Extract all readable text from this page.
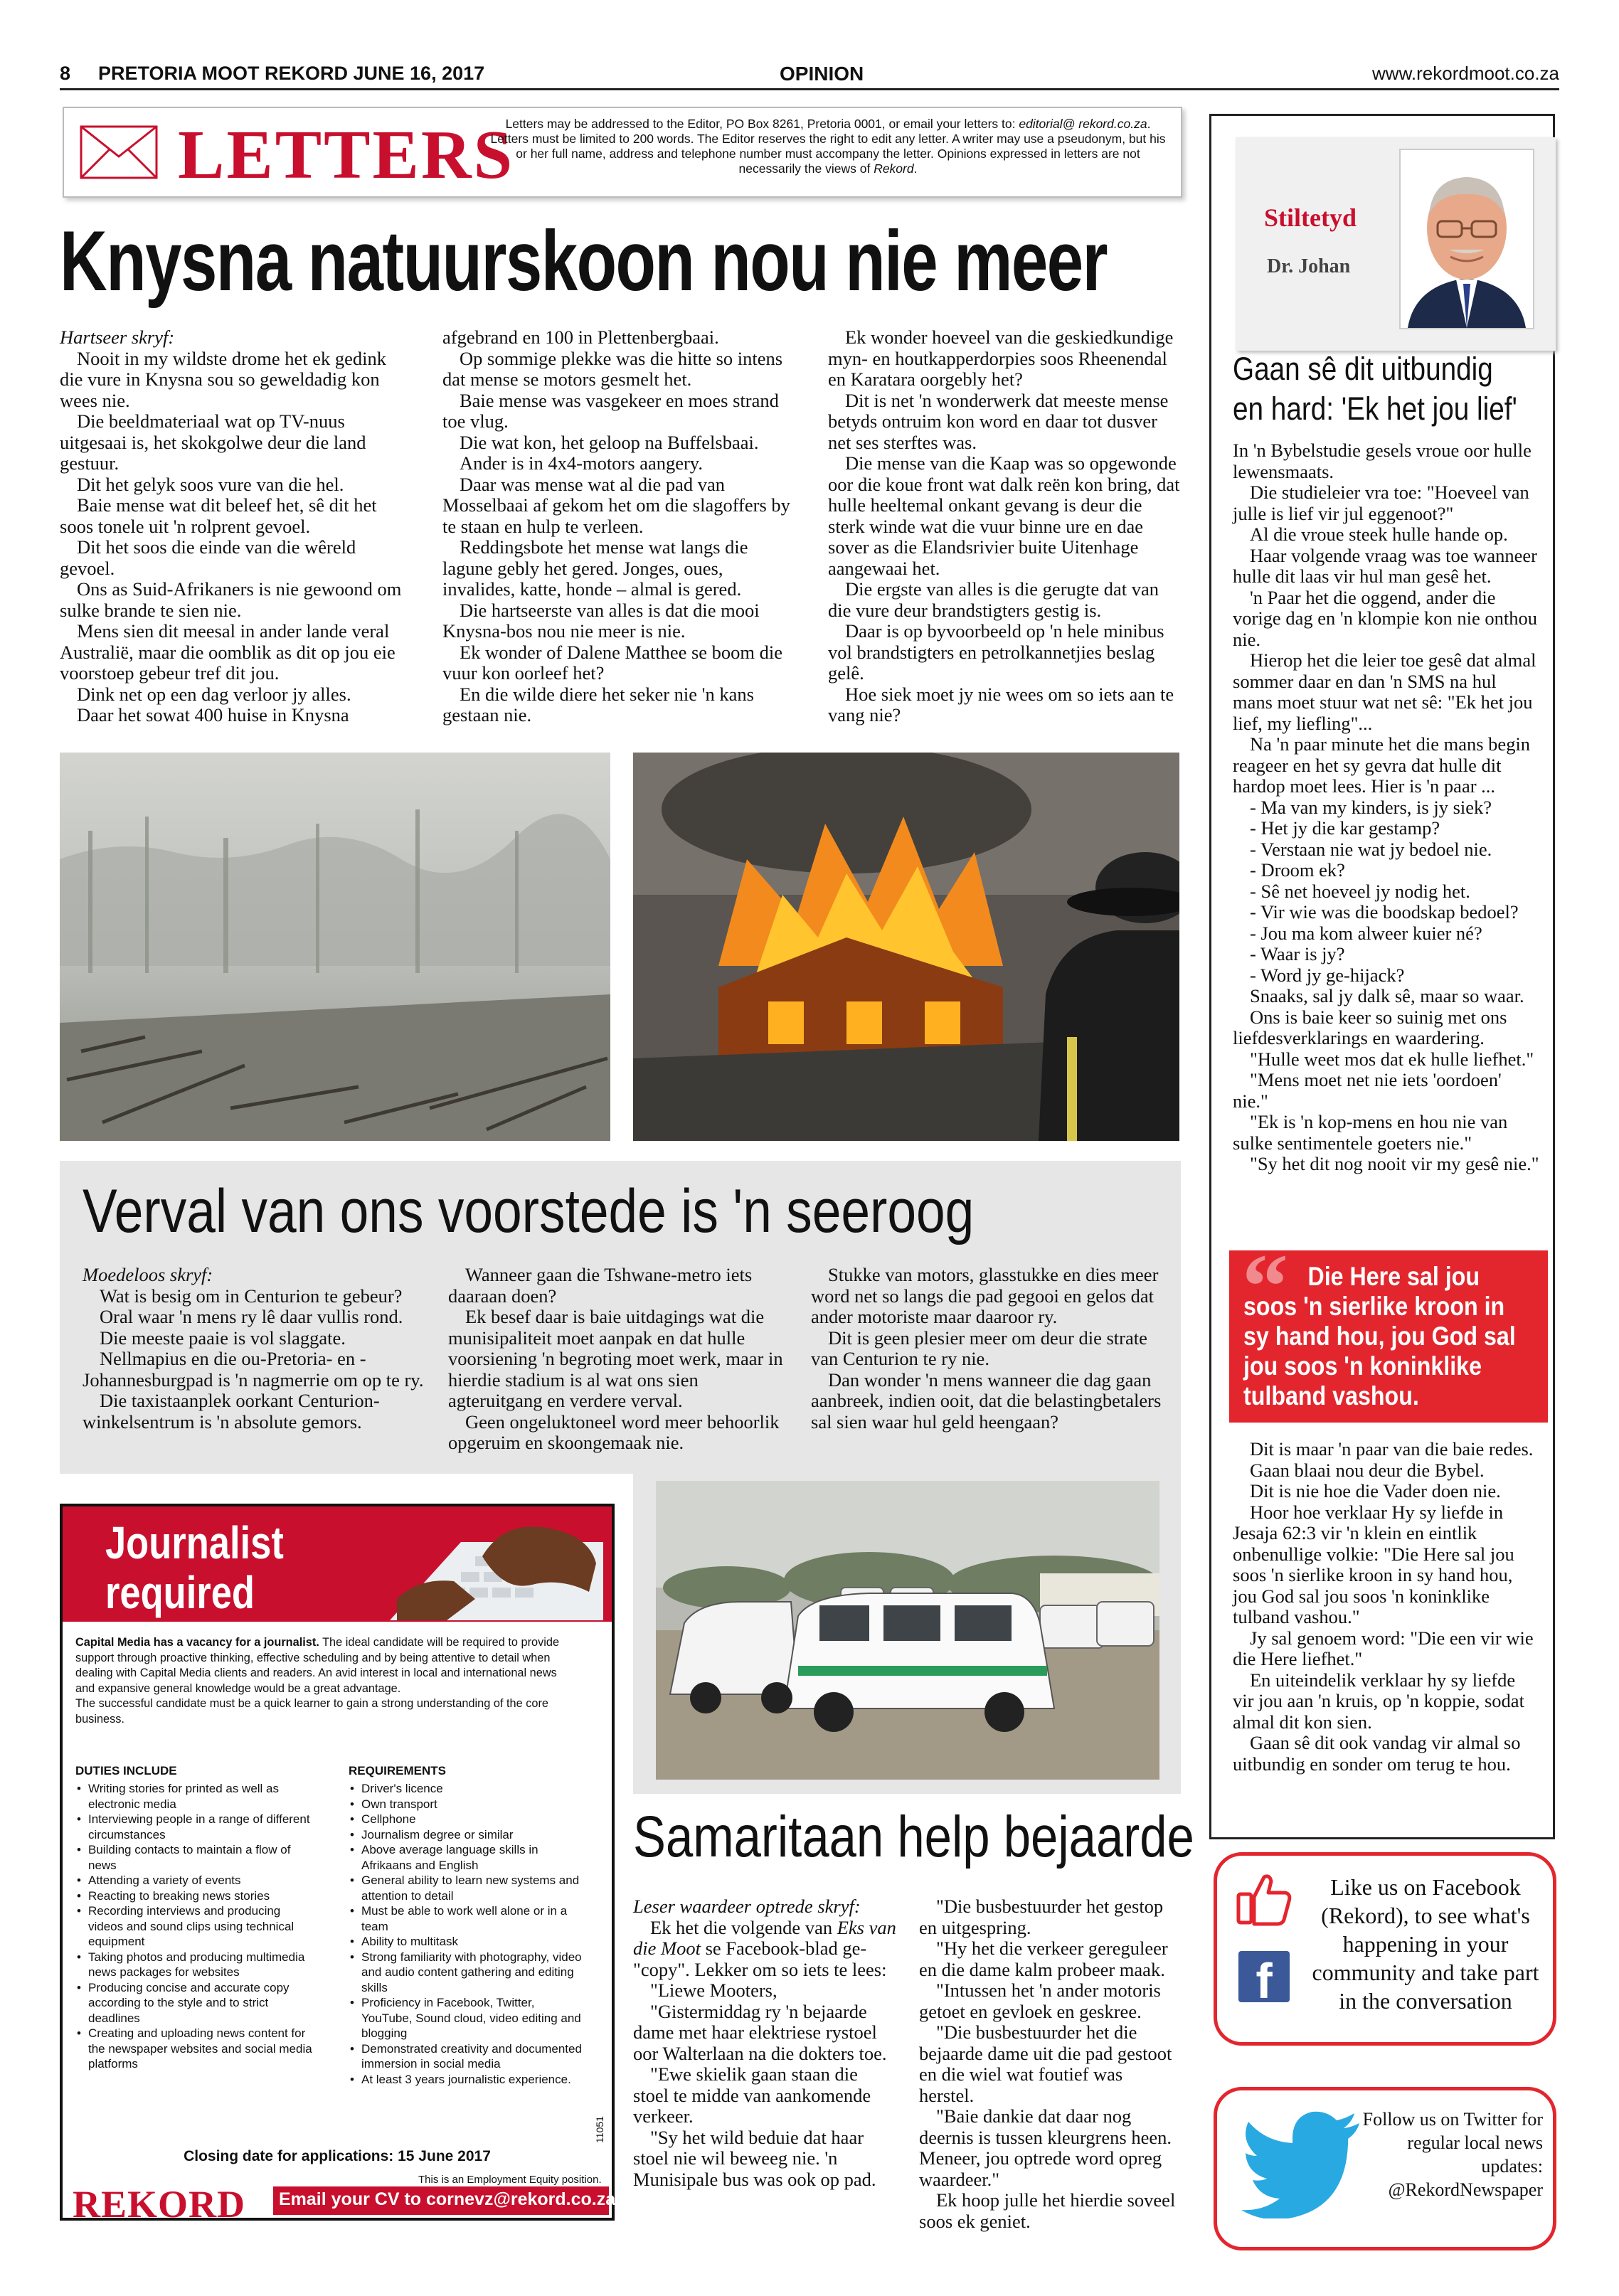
8 PRETORIA MOOT REKORD JUNE 16, 2017	OPINION	www.rekordmoot.co.za
LETTERS
Letters may be addressed to the Editor, PO Box 8261, Pretoria 0001, or email your letters to: editorial@ rekord.co.za. Letters must be limited to 200 words. The Editor reserves the right to edit any letter. A writer may use a pseudonym, but his or her full name, address and telephone number must accompany the letter. Opinions expressed in letters are not necessarily the views of Rekord.
Knysna natuurskoon nou nie meer

Hartseer skryf:

Nooit in my wildste drome het ek gedink die vure in Knysna sou so geweldadig kon wees nie.

Die beeldmateriaal wat op TV-nuus uitgesaai is, het skokgolwe deur die land gestuur.

Dit het gelyk soos vure van die hel.

Baie mense wat dit beleef het, sê dit het soos tonele uit 'n rolprent gevoel.

Dit het soos die einde van die wêreld gevoel.

Ons as Suid-Afrikaners is nie gewoond om sulke brande te sien nie.

Mens sien dit meesal in ander lande veral Australië, maar die oomblik as dit op jou eie voorstoep gebeur tref dit jou.

Dink net op een dag verloor jy alles.

Daar het sowat 400 huise in Knysna

afgebrand en 100 in Plettenbergbaai.

Op sommige plekke was die hitte so intens dat mense se motors gesmelt het.

Baie mense was vasgekeer en moes strand toe vlug.

Die wat kon, het geloop na Buffelsbaai.

Ander is in 4x4-motors aangery.

Daar was mense wat al die pad van Mosselbaai af gekom het om die slagoffers by te staan en hulp te verleen.

Reddingsbote het mense wat langs die lagune gebly het gered. Jonges, oues, invalides, katte, honde – almal is gered.

Die hartseerste van alles is dat die mooi Knysna-bos nou nie meer is nie.

Ek wonder of Dalene Matthee se boom die vuur kon oorleef het?

En die wilde diere het seker nie 'n kans gestaan nie.

Ek wonder hoeveel van die geskiedkundige myn- en houtkapperdorpies soos Rheenendal en Karatara oorgebly het?

Dit is net 'n wonderwerk dat meeste mense betyds ontruim kon word en daar tot dusver net ses sterftes was.

Die mense van die Kaap was so opgewonde oor die koue front wat dalk reën kon bring, dat hulle heeltemal onkant gevang is deur die sterk winde wat die vuur binne ure en dae sover as die Elandsrivier buite Uitenhage aangewaai het.

Die ergste van alles is die gerugte dat van die vure deur brandstigters gestig is.

Daar is op byvoorbeeld op 'n hele minibus vol brandstigters en petrolkannetjies beslag gelê.

Hoe siek moet jy nie wees om so iets aan te vang nie?

Verval van ons voorstede is 'n seeroog

Moedeloos skryf:

Wat is besig om in Centurion te gebeur?

Oral waar 'n mens ry lê daar vullis rond.

Die meeste paaie is vol slaggate.

Nellmapius en die ou-Pretoria- en -Johannesburgpad is 'n nagmerrie om op te ry.

Die taxistaanplek oorkant Centurion-winkelsentrum is 'n absolute gemors.

Wanneer gaan die Tshwane-metro iets daaraan doen?

Ek besef daar is baie uitdagings wat die munisipaliteit moet aanpak en dat hulle voorsiening 'n begroting moet werk, maar in hierdie stadium is al wat ons sien agteruitgang en verdere verval.

Geen ongeluktoneel word meer behoorlik opgeruim en skoongemaak nie.

Stukke van motors, glasstukke en dies meer word net so langs die pad gegooi en gelos dat ander motoriste maar daaroor ry.

Dit is geen plesier meer om deur die strate van Centurion te ry nie.

Dan wonder 'n mens wanneer die dag gaan aanbreek, indien ooit, dat die belastingbetalers sal sien waar hul geld heengaan?

Samaritaan help bejaarde

Leser waardeer optrede skryf:

Ek het die volgende van Eks van die Moot se Facebook-blad ge-"copy". Lekker om so iets te lees:

"Liewe Mooters,

"Gistermiddag ry 'n bejaarde dame met haar elektriese rystoel oor Walterlaan na die dokters toe.

"Ewe skielik gaan staan die stoel te midde van aankomende verkeer.

"Sy het wild beduie dat haar stoel nie wil beweeg nie. 'n Munisipale bus was ook op pad.

"Die busbestuurder het gestop en uitgespring.

"Hy het die verkeer gereguleer en die dame kalm probeer maak.

"Intussen het 'n ander motoris getoet en gevloek en geskree.

"Die busbestuurder het die bejaarde dame uit die pad gestoot en die wiel wat foutief was herstel.

"Baie dankie dat daar nog deernis is tussen kleurgrens heen. Meneer, jou optrede word opreg waardeer."

Ek hoop julle het hierdie soveel soos ek geniet.

Journalist
required
Capital Media has a vacancy for a journalist. The ideal candidate will be required to provide support through proactive thinking, effective scheduling and by being attentive to detail when dealing with Capital Media clients and readers. An avid interest in local and international news and expansive general knowledge would be a great advantage.
The successful candidate must be a quick learner to gain a strong understanding of the core business.
DUTIES INCLUDE
• Writing stories for printed as well as electronic media
• Interviewing people in a range of different circumstances
• Building contacts to maintain a flow of news
• Attending a variety of events
• Reacting to breaking news stories
• Recording interviews and producing videos and sound clips using technical equipment
• Taking photos and producing multimedia news packages for websites
• Producing concise and accurate copy according to the style and to strict deadlines
• Creating and uploading news content for the newspaper websites and social media platforms
REQUIREMENTS
• Driver's licence
• Own transport
• Cellphone
• Journalism degree or similar
• Above average language skills in Afrikaans and English
• General ability to learn new systems and attention to detail
• Must be able to work well alone or in a team
• Ability to multitask
• Strong familiarity with photography, video and audio content gathering and editing skills
• Proficiency in Facebook, Twitter, YouTube, Sound cloud, video editing and blogging
• Demonstrated creativity and documented immersion in social media
• At least 3 years journalistic experience.
Closing date for applications: 15 June 2017
This is an Employment Equity position.
11051
REKORD Email your CV to cornevz@rekord.co.za
Stiltetyd
Dr. Johan
Gaan sê dit uitbundig
en hard: 'Ek het jou lief'

In 'n Bybelstudie gesels vroue oor hulle lewensmaats.

Die studieleier vra toe: "Hoeveel van julle is lief vir jul eggenoot?"

Al die vroue steek hulle hande op.

Haar volgende vraag was toe wanneer hulle dit laas vir hul man gesê het.

'n Paar het die oggend, ander die vorige dag en 'n klompie kon nie onthou nie.

Hierop het die leier toe gesê dat almal sommer daar en dan 'n SMS na hul mans moet stuur wat net sê: "Ek het jou lief, my liefling"...

Na 'n paar minute het die mans begin reageer en het sy gevra dat hulle dit hardop moet lees. Hier is 'n paar ...

- Ma van my kinders, is jy siek?

- Het jy die kar gestamp?

- Verstaan nie wat jy bedoel nie.

- Droom ek?

- Sê net hoeveel jy nodig het.

- Vir wie was die boodskap bedoel?

- Jou ma kom alweer kuier né?

- Waar is jy?

- Word jy ge-hijack?

Snaaks, sal jy dalk sê, maar so waar.

Ons is baie keer so suinig met ons liefdesverklarings en waardering.

"Hulle weet mos dat ek hulle liefhet."

"Mens moet net nie iets 'oordoen' nie."

"Ek is 'n kop-mens en hou nie van sulke sentimentele goeters nie."

"Sy het dit nog nooit vir my gesê nie."

Dit is maar 'n paar van die baie redes.

Gaan blaai nou deur die Bybel.

Dit is nie hoe die Vader doen nie.

Hoor hoe verklaar Hy sy liefde in Jesaja 62:3 vir 'n klein en eintlik onbenullige volkie: "Die Here sal jou soos 'n sierlike kroon in sy hand hou, jou God sal jou soos 'n koninklike tulband vashou."

Jy sal genoem word: "Die een vir wie die Here liefhet."

En uiteindelik verklaar hy sy liefde vir jou aan 'n kruis, op 'n koppie, sodat almal dit kon sien.

Gaan sê dit ook vandag vir almal so uitbundig en sonder om terug te hou.

“ Die Here sal jou
soos 'n sierlike kroon in
sy hand hou, jou God sal
jou soos 'n koninklike
tulband vashou.
f
Like us on Facebook (Rekord), to see what's happening in your community and take part in the conversation
Follow us on Twitter for regular local news updates: @RekordNewspaper
